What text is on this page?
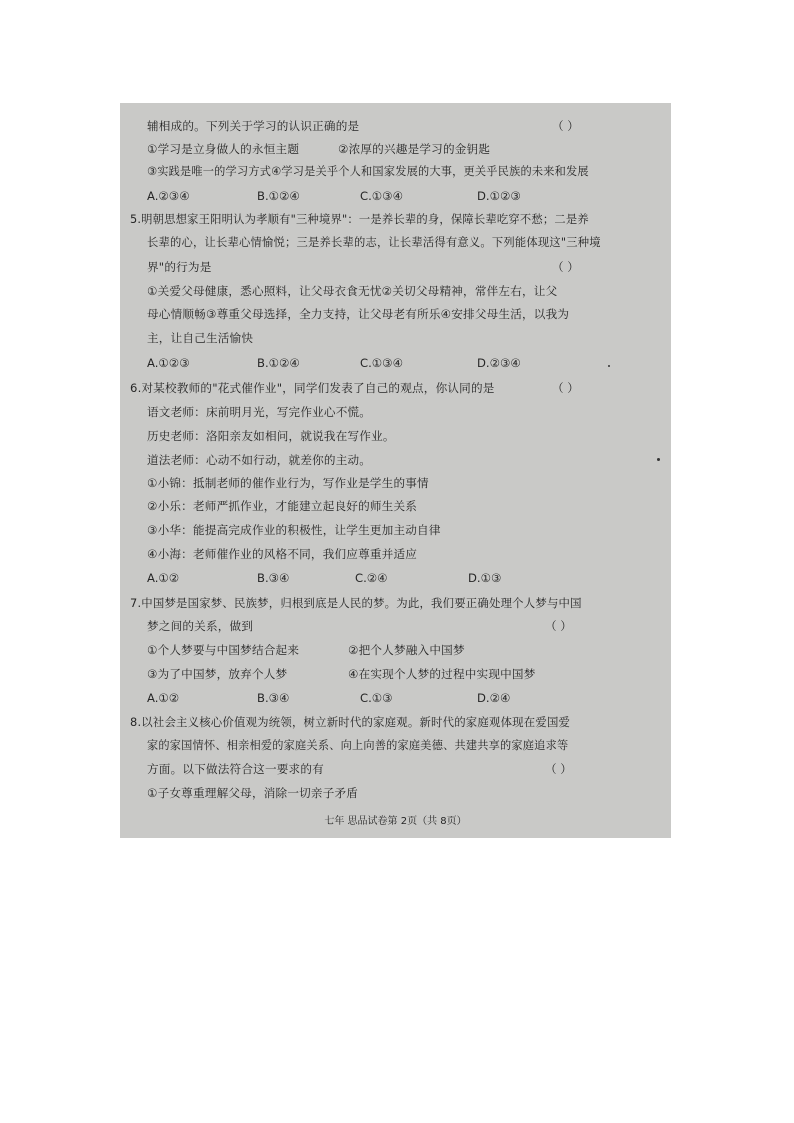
辅相成的。下列关于学习的认识正确的是	（ ）
①学习是立身做人的永恒主题	②浓厚的兴趣是学习的金钥匙
③实践是唯一的学习方式④学习是关乎个人和国家发展的大事，更关乎民族的未来和发展
A.②③④	B.①②④	C.①③④	D.①②③
5.明朝思想家王阳明认为孝顺有"三种境界"：一是养长辈的身，保障长辈吃穿不愁；二是养
长辈的心，让长辈心情愉悦；三是养长辈的志，让长辈活得有意义。下列能体现这"三种境
界"的行为是	（ ）
①关爱父母健康，悉心照料，让父母衣食无忧②关切父母精神，常伴左右，让父
母心情顺畅③尊重父母选择，全力支持，让父母老有所乐④安排父母生活，以我为
主，让自己生活愉快
A.①②③	B.①②④	C.①③④	D.②③④
6.对某校教师的"花式催作业"，同学们发表了自己的观点，你认同的是	（ ）
语文老师：床前明月光，写完作业心不慌。
历史老师：洛阳亲友如相问，就说我在写作业。
道法老师：心动不如行动，就差你的主动。
①小锦：抵制老师的催作业行为，写作业是学生的事情
②小乐：老师严抓作业，才能建立起良好的师生关系
③小华：能提高完成作业的积极性，让学生更加主动自律
④小海：老师催作业的风格不同，我们应尊重并适应
A.①②	B.③④	C.②④	D.①③
7.中国梦是国家梦、民族梦，归根到底是人民的梦。为此，我们要正确处理个人梦与中国
梦之间的关系，做到	（ ）
①个人梦要与中国梦结合起来	②把个人梦融入中国梦
③为了中国梦，放弃个人梦	④在实现个人梦的过程中实现中国梦
A.①②	B.③④	C.①③	D.②④
8.以社会主义核心价值观为统领，树立新时代的家庭观。新时代的家庭观体现在爱国爱
家的家国情怀、相亲相爱的家庭关系、向上向善的家庭美德、共建共享的家庭追求等
方面。以下做法符合这一要求的有	（ ）
①子女尊重理解父母，消除一切亲子矛盾
七年 思品试卷第 2页（共 8页）
